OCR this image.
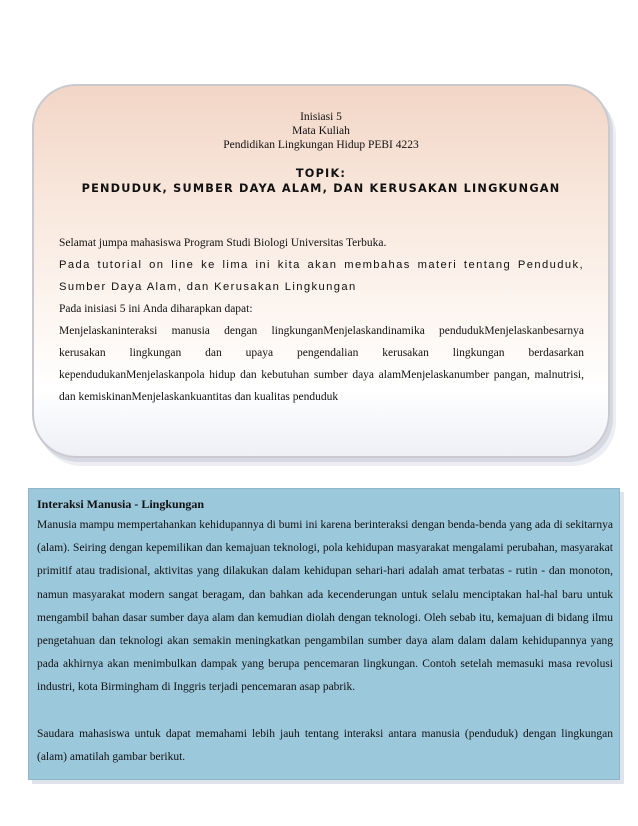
Inisiasi 5
Mata Kuliah
Pendidikan Lingkungan Hidup PEBI 4223
TOPIK:
PENDUDUK, SUMBER DAYA ALAM, DAN KERUSAKAN LINGKUNGAN

Selamat jumpa mahasiswa Program Studi Biologi Universitas Terbuka.

Pada tutorial on line ke lima ini kita akan membahas materi tentang Penduduk, Sumber Daya Alam, dan Kerusakan Lingkungan

Pada inisiasi 5 ini Anda diharapkan dapat:

Menjelaskaninteraksi manusia dengan lingkunganMenjelaskandinamika pendudukMenjelaskanbesarnya kerusakan lingkungan dan upaya pengendalian kerusakan lingkungan berdasarkan kependudukanMenjelaskanpola hidup dan kebutuhan sumber daya alamMenjelaskanumber pangan, malnutrisi, dan kemiskinanMenjelaskankuantitas dan kualitas penduduk

Interaksi Manusia - Lingkungan

Manusia mampu mempertahankan kehidupannya di bumi ini karena berinteraksi dengan benda-benda yang ada di sekitarnya (alam). Seiring dengan kepemilikan dan kemajuan teknologi, pola kehidupan masyarakat mengalami perubahan, masyarakat primitif atau tradisional, aktivitas yang dilakukan dalam kehidupan sehari-hari adalah amat terbatas - rutin - dan monoton, namun masyarakat modern sangat beragam, dan bahkan ada kecenderungan untuk selalu menciptakan hal-hal baru untuk mengambil bahan dasar sumber daya alam dan kemudian diolah dengan teknologi. Oleh sebab itu, kemajuan di bidang ilmu pengetahuan dan teknologi akan semakin meningkatkan pengambilan sumber daya alam dalam dalam kehidupannya yang pada akhirnya akan menimbulkan dampak yang berupa pencemaran lingkungan. Contoh setelah memasuki masa revolusi industri, kota Birmingham di Inggris terjadi pencemaran asap pabrik.

Saudara mahasiswa untuk dapat memahami lebih jauh tentang interaksi antara manusia (penduduk) dengan lingkungan (alam) amatilah gambar berikut.
